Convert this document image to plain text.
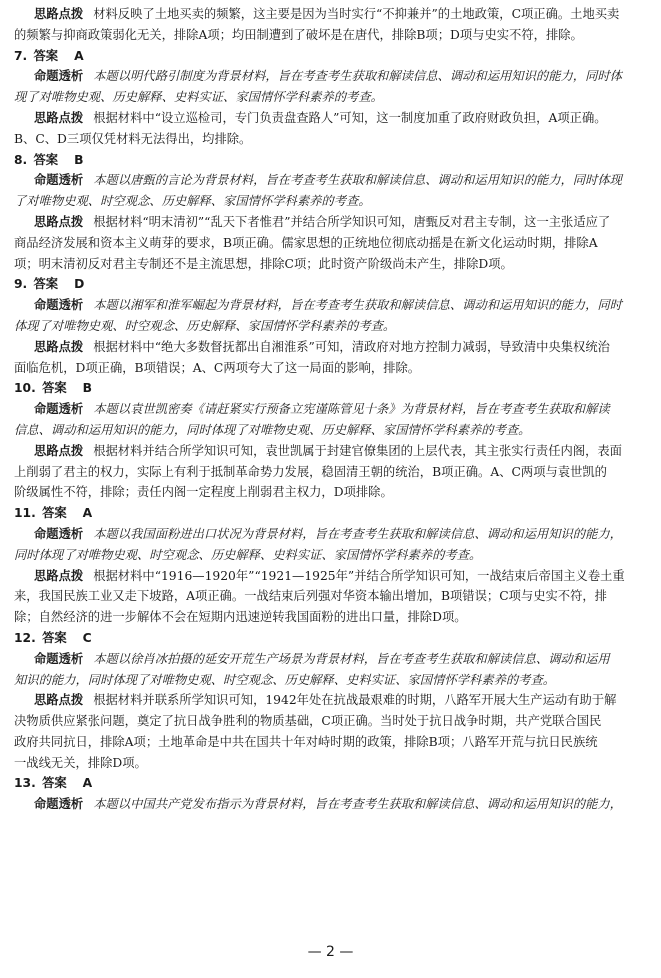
思路点拨 材料反映了土地买卖的频繁，这主要是因为当时实行“不抑兼并”的土地政策，C项正确。土地买卖
的频繁与抑商政策弱化无关，排除A项；均田制遭到了破坏是在唐代，排除B项；D项与史实不符，排除。
7. 答案 A
命题透析 本题以明代路引制度为背景材料，旨在考查考生获取和解读信息、调动和运用知识的能力，同时体
现了对唯物史观、历史解释、史料实证、家国情怀学科素养的考查。
思路点拨 根据材料中“设立巡检司，专门负责盘查路人”可知，这一制度加重了政府财政负担，A项正确。
B、C、D三项仅凭材料无法得出，均排除。
8. 答案 B
命题透析 本题以唐甄的言论为背景材料，旨在考查考生获取和解读信息、调动和运用知识的能力，同时体现
了对唯物史观、时空观念、历史解释、家国情怀学科素养的考查。
思路点拨 根据材料“明末清初”“乱天下者惟君”并结合所学知识可知，唐甄反对君主专制，这一主张适应了
商品经济发展和资本主义萌芽的要求，B项正确。儒家思想的正统地位彻底动摇是在新文化运动时期，排除A
项；明末清初反对君主专制还不是主流思想，排除C项；此时资产阶级尚未产生，排除D项。
9. 答案 D
命题透析 本题以湘军和淮军崛起为背景材料，旨在考查考生获取和解读信息、调动和运用知识的能力，同时
体现了对唯物史观、时空观念、历史解释、家国情怀学科素养的考查。
思路点拨 根据材料中“绝大多数督抚都出自湘淮系”可知，清政府对地方控制力减弱，导致清中央集权统治
面临危机，D项正确，B项错误；A、C两项夸大了这一局面的影响，排除。
10. 答案 B
命题透析 本题以袁世凯密奏《请赶紧实行预备立宪谨陈管见十条》为背景材料，旨在考查考生获取和解读
信息、调动和运用知识的能力，同时体现了对唯物史观、历史解释、家国情怀学科素养的考查。
思路点拨 根据材料并结合所学知识可知，袁世凯属于封建官僚集团的上层代表，其主张实行责任内阁，表面
上削弱了君主的权力，实际上有利于抵制革命势力发展，稳固清王朝的统治，B项正确。A、C两项与袁世凯的
阶级属性不符，排除；责任内阁一定程度上削弱君主权力，D项排除。
11. 答案 A
命题透析 本题以我国面粉进出口状况为背景材料，旨在考查考生获取和解读信息、调动和运用知识的能力，
同时体现了对唯物史观、时空观念、历史解释、史料实证、家国情怀学科素养的考查。
思路点拨 根据材料中“1916—1920年”“1921—1925年”并结合所学知识可知，一战结束后帝国主义卷土重
来，我国民族工业又走下坡路，A项正确。一战结束后列强对华资本输出增加，B项错误；C项与史实不符，排
除；自然经济的进一步解体不会在短期内迅速逆转我国面粉的进出口量，排除D项。
12. 答案 C
命题透析 本题以徐肖冰拍摄的延安开荒生产场景为背景材料，旨在考查考生获取和解读信息、调动和运用
知识的能力，同时体现了对唯物史观、时空观念、历史解释、史料实证、家国情怀学科素养的考查。
思路点拨 根据材料并联系所学知识可知，1942年处在抗战最艰难的时期，八路军开展大生产运动有助于解
决物质供应紧张问题，奠定了抗日战争胜利的物质基础，C项正确。当时处于抗日战争时期，共产党联合国民
政府共同抗日，排除A项；土地革命是中共在国共十年对峙时期的政策，排除B项；八路军开荒与抗日民族统
一战线无关，排除D项。
13. 答案 A
命题透析 本题以中国共产党发布指示为背景材料，旨在考查考生获取和解读信息、调动和运用知识的能力，
— 2 —
